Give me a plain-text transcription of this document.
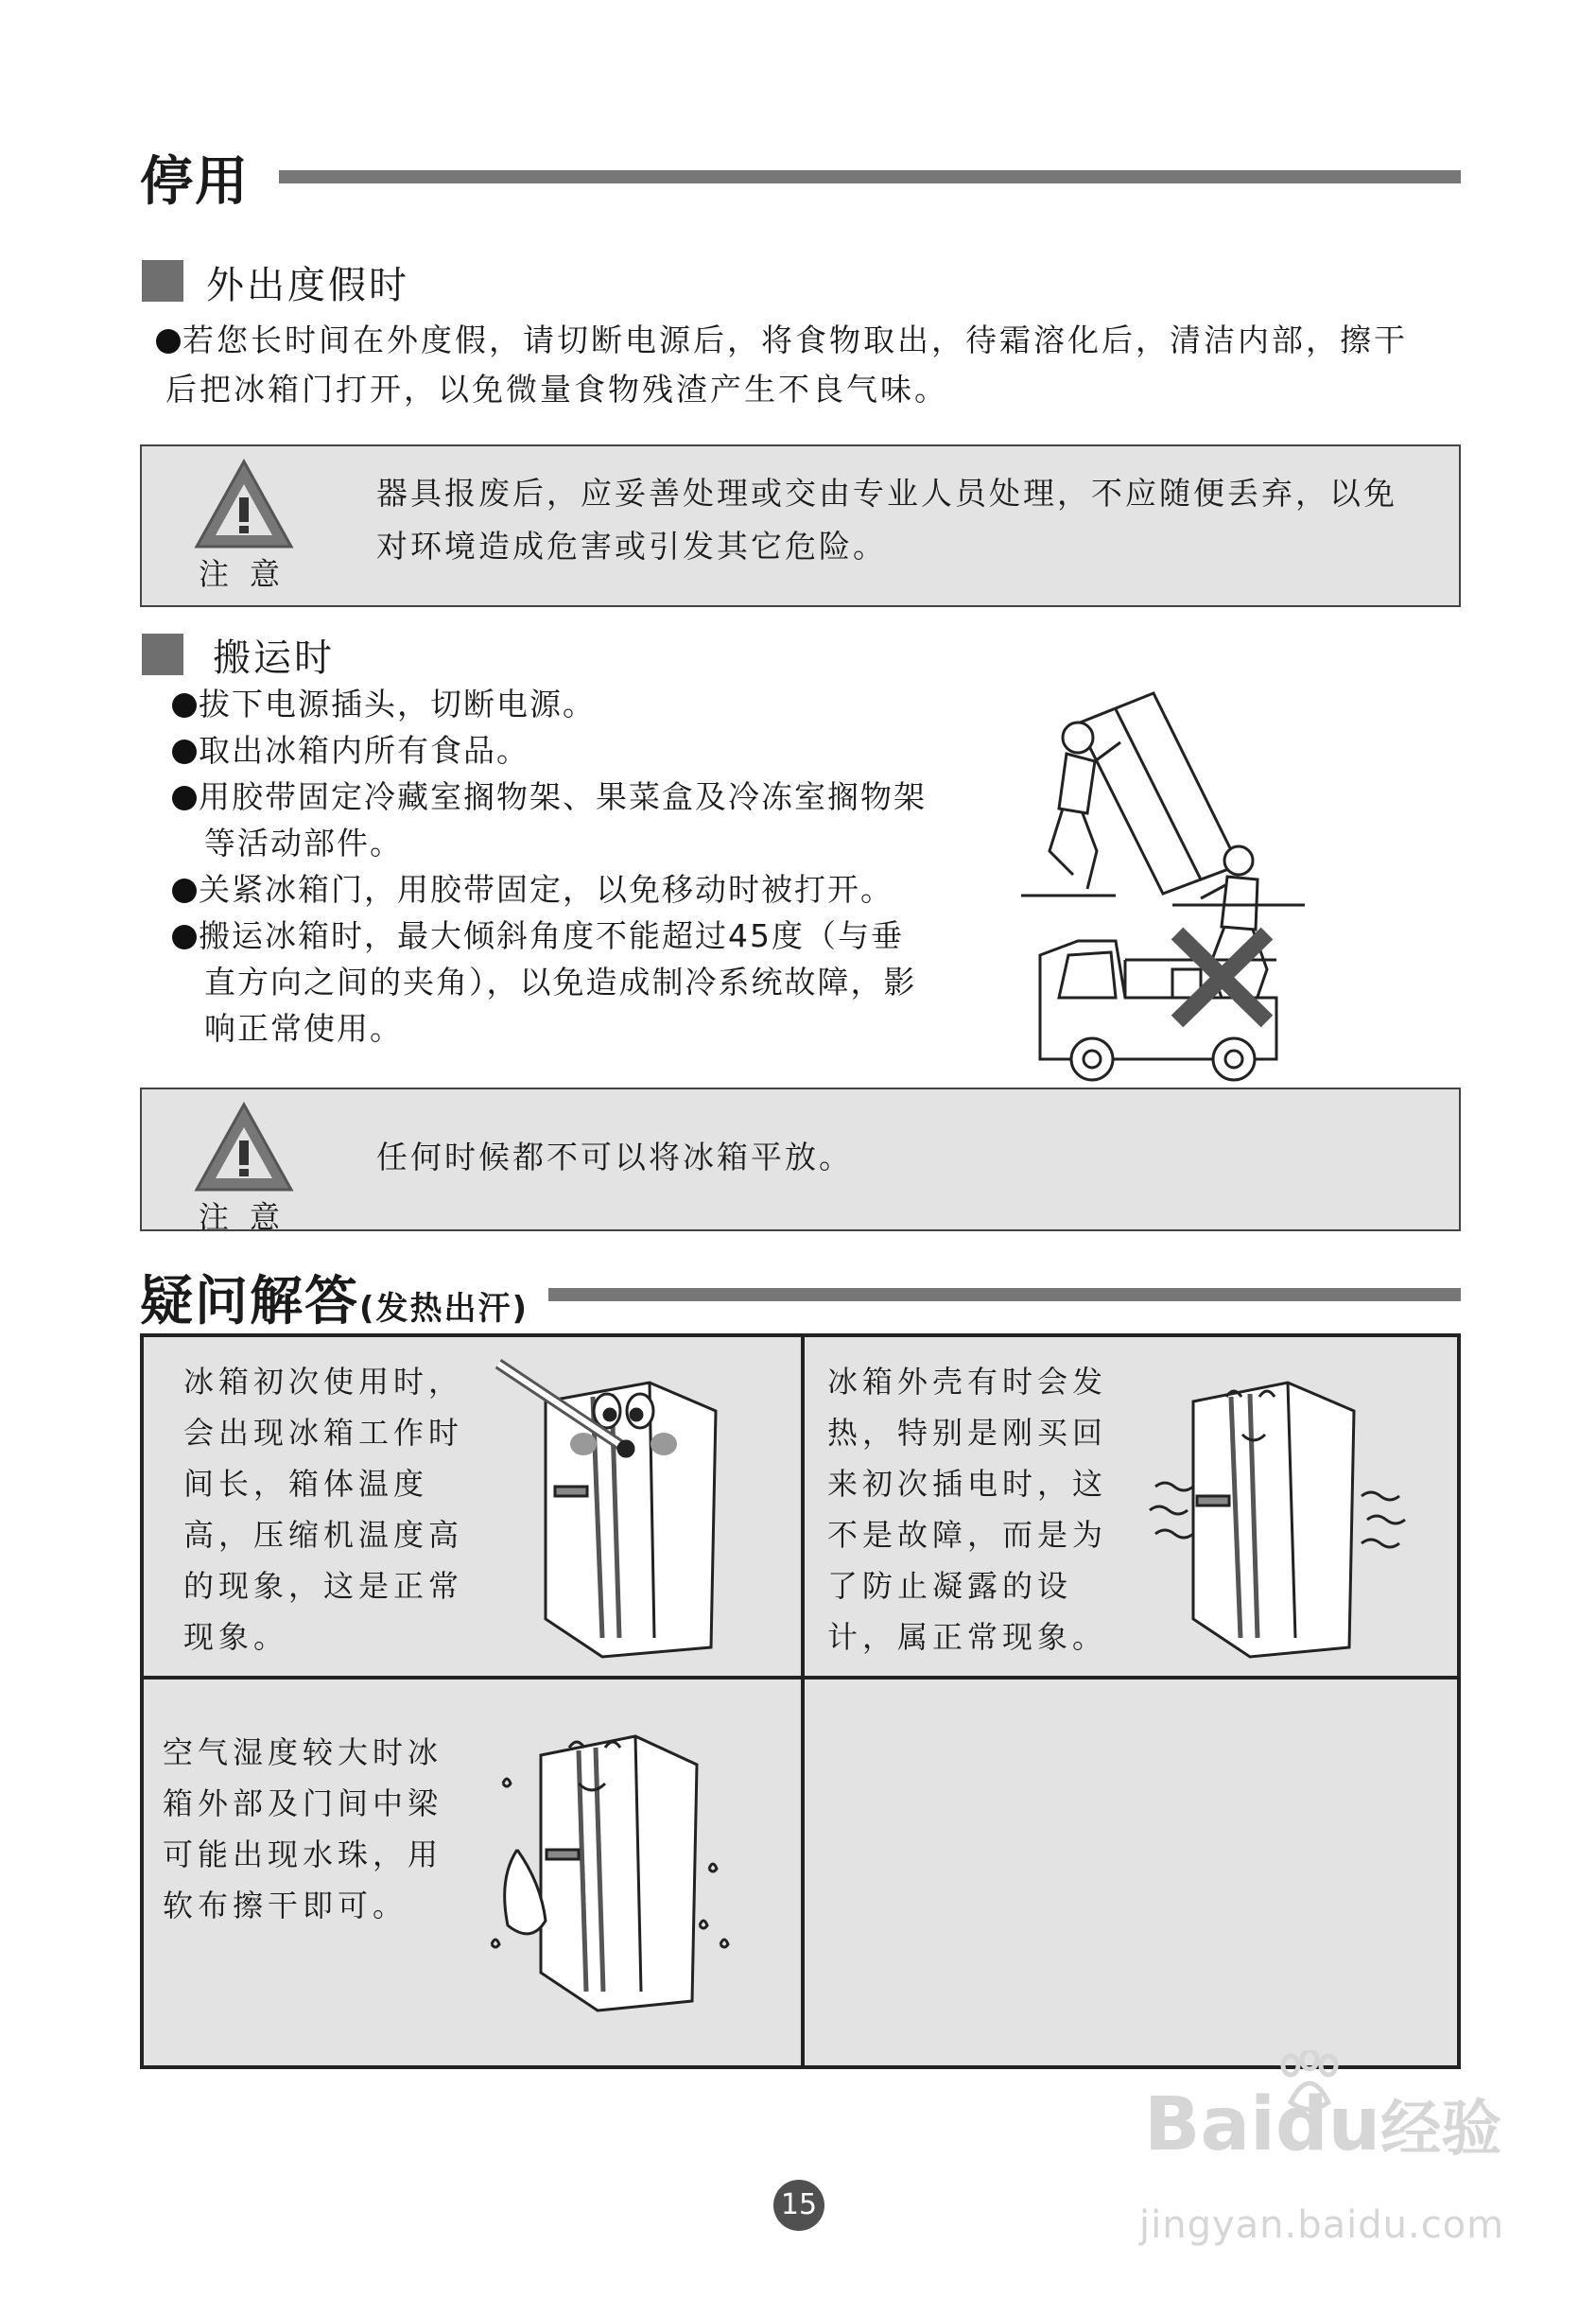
停用
外出度假时
若您长时间在外度假，请切断电源后，将食物取出，待霜溶化后，清洁内部，擦干
后把冰箱门打开，以免微量食物残渣产生不良气味。
注意
器具报废后，应妥善处理或交由专业人员处理，不应随便丢弃，以免
对环境造成危害或引发其它危险。
搬运时
拔下电源插头，切断电源。
取出冰箱内所有食品。
用胶带固定冷藏室搁物架、果菜盒及冷冻室搁物架
等活动部件。
关紧冰箱门，用胶带固定，以免移动时被打开。
搬运冰箱时，最大倾斜角度不能超过45度（与垂
直方向之间的夹角），以免造成制冷系统故障，影
响正常使用。
注意
任何时候都不可以将冰箱平放。
疑问解答(发热出汗)
冰箱初次使用时，
会出现冰箱工作时
间长，箱体温度
高，压缩机温度高
的现象，这是正常
现象。
冰箱外壳有时会发
热，特别是刚买回
来初次插电时，这
不是故障，而是为
了防止凝露的设
计，属正常现象。
空气湿度较大时冰
箱外部及门间中梁
可能出现水珠，用
软布擦干即可。
15
Baidu经验
jingyan.baidu.com
